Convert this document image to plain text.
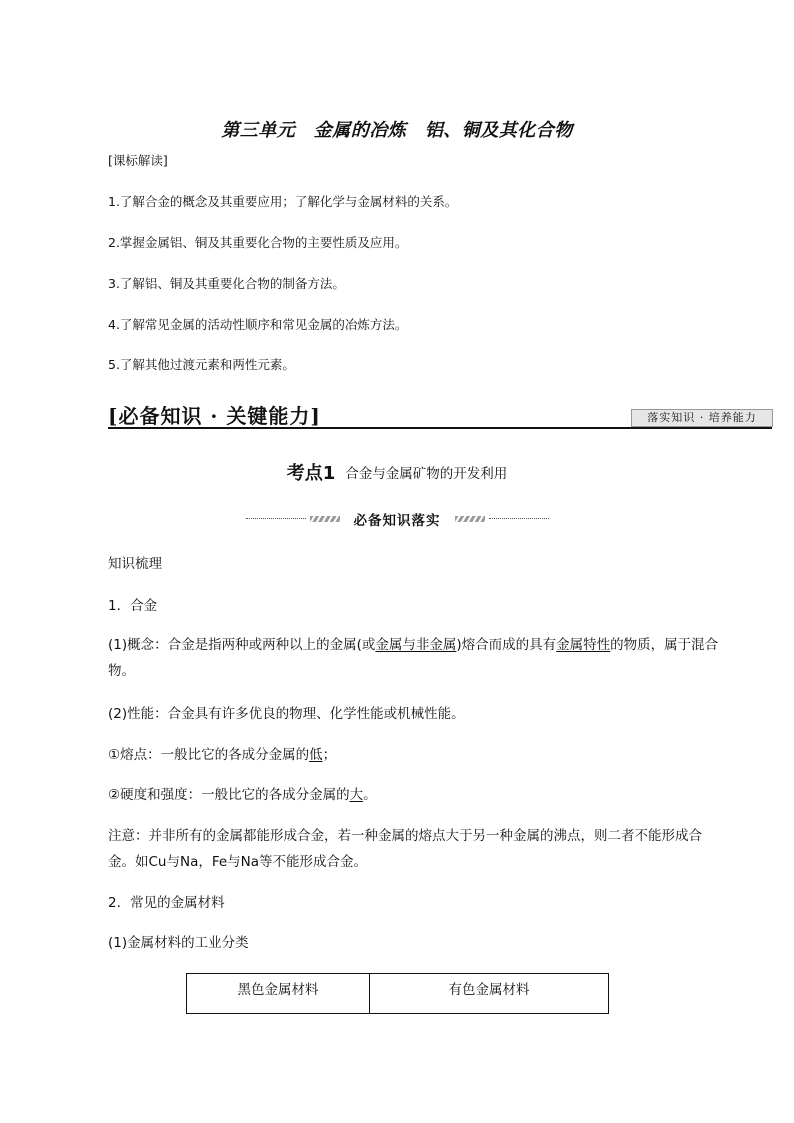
第三单元　金属的冶炼　铝、铜及其化合物
[课标解读]
1.了解合金的概念及其重要应用；了解化学与金属材料的关系。
2.掌握金属铝、铜及其重要化合物的主要性质及应用。
3.了解铝、铜及其重要化合物的制备方法。
4.了解常见金属的活动性顺序和常见金属的冶炼方法。
5.了解其他过渡元素和两性元素。
[必备知识 · 关键能力]	落实知识 · 培养能力
考点1 合金与金属矿物的开发利用
必备知识落实
知识梳理
1．合金
(1)概念：合金是指两种或两种以上的金属(或金属与非金属)熔合而成的具有金属特性的物质，属于混合物。
(2)性能：合金具有许多优良的物理、化学性能或机械性能。
①熔点：一般比它的各成分金属的低；
②硬度和强度：一般比它的各成分金属的大。
注意：并非所有的金属都能形成合金，若一种金属的熔点大于另一种金属的沸点，则二者不能形成合金。如Cu与Na，Fe与Na等不能形成合金。
2．常见的金属材料
(1)金属材料的工业分类
黑色金属材料	有色金属材料
